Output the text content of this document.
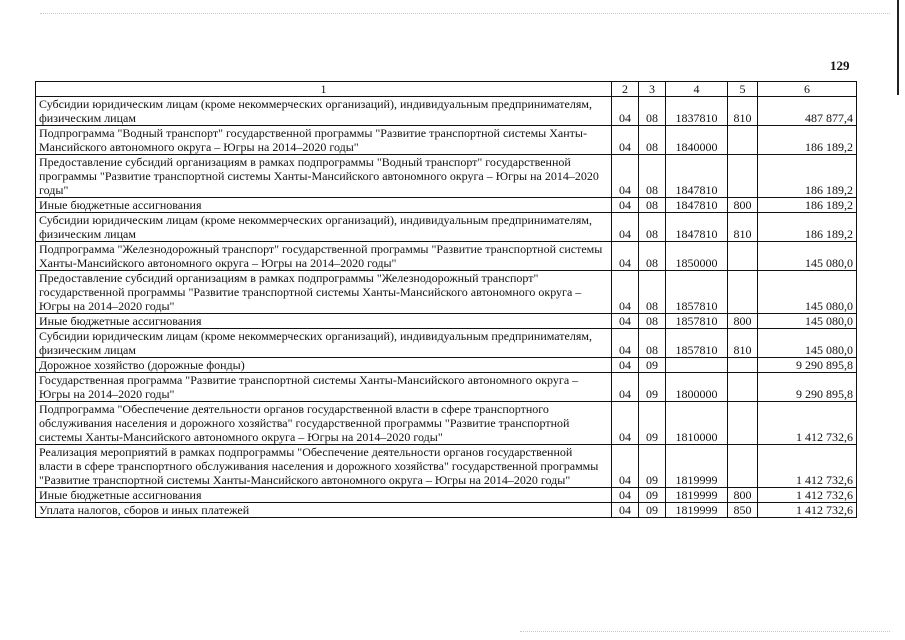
129
1	2	3	4	5	6
Субсидии юридическим лицам (кроме некоммерческих организаций), индивидуальным предпринимателям, физическим лицам	04	08	1837810	810	487 877,4
Подпрограмма "Водный транспорт" государственной программы "Развитие транспортной системы Ханты-Мансийского автономного округа – Югры на 2014–2020 годы"	04	08	1840000		186 189,2
Предоставление субсидий организациям в рамках подпрограммы "Водный транспорт" государственной программы "Развитие транспортной системы Ханты-Мансийского автономного округа – Югры на 2014–2020 годы"	04	08	1847810		186 189,2
Иные бюджетные ассигнования	04	08	1847810	800	186 189,2
Субсидии юридическим лицам (кроме некоммерческих организаций), индивидуальным предпринимателям, физическим лицам	04	08	1847810	810	186 189,2
Подпрограмма "Железнодорожный транспорт" государственной программы "Развитие транспортной системы Ханты-Мансийского автономного округа – Югры на 2014–2020 годы"	04	08	1850000		145 080,0
Предоставление субсидий организациям в рамках подпрограммы "Железнодорожный транспорт" государственной программы "Развитие транспортной системы Ханты-Мансийского автономного округа – Югры на 2014–2020 годы"	04	08	1857810		145 080,0
Иные бюджетные ассигнования	04	08	1857810	800	145 080,0
Субсидии юридическим лицам (кроме некоммерческих организаций), индивидуальным предпринимателям, физическим лицам	04	08	1857810	810	145 080,0
Дорожное хозяйство (дорожные фонды)	04	09			9 290 895,8
Государственная программа "Развитие транспортной системы Ханты-Мансийского автономного округа – Югры на 2014–2020 годы"	04	09	1800000		9 290 895,8
Подпрограмма "Обеспечение деятельности органов государственной власти в сфере транспортного обслуживания населения и дорожного хозяйства" государственной программы "Развитие транспортной системы Ханты-Мансийского автономного округа – Югры на 2014–2020 годы"	04	09	1810000		1 412 732,6
Реализация мероприятий в рамках подпрограммы "Обеспечение деятельности органов государственной власти в сфере транспортного обслуживания населения и дорожного хозяйства" государственной программы "Развитие транспортной системы Ханты-Мансийского автономного округа – Югры на 2014–2020 годы"	04	09	1819999		1 412 732,6
Иные бюджетные ассигнования	04	09	1819999	800	1 412 732,6
Уплата налогов, сборов и иных платежей	04	09	1819999	850	1 412 732,6
